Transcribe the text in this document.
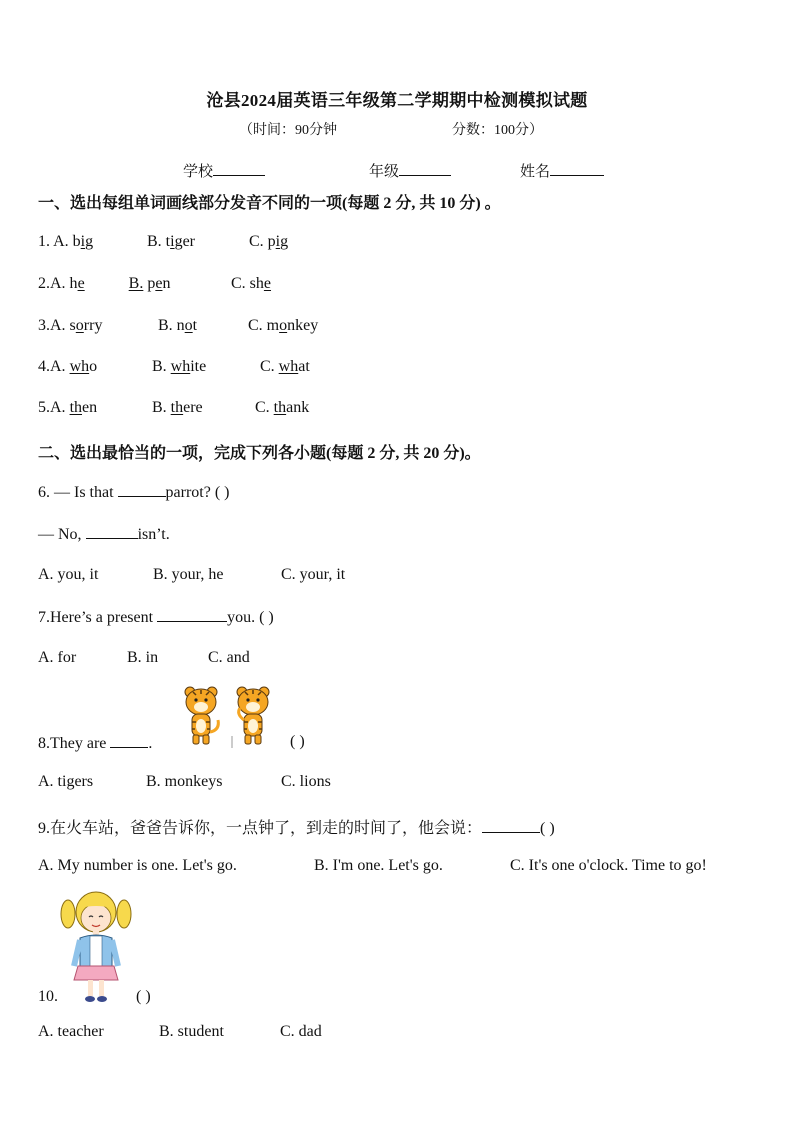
沧县2024届英语三年级第二学期期中检测模拟试题
（时间：90分钟	分数：100分）
学校	年级	姓名
一、选出每组单词画线部分发音不同的一项(每题 2 分, 共 10 分) 。
1. A. big	B. tiger	C. pig
2.A. he	B. pen	C. she
3.A. sorry	B. not	C. monkey
4.A. who	B. white	C. what
5.A. then	B. there	C. thank
二、选出最恰当的一项，完成下列各小题(每题 2 分, 共 20 分)。
6. — Is that	parrot? ( )
— No,	isn’t.
A. you, it	B. your, he	C. your, it
7.Here’s a present	you. ( )
A. for	B. in	C. and
8.They are .	( )
A. tigers	B. monkeys	C. lions
9.在火车站，爸爸告诉你，一点钟了，到走的时间了，他会说：	( )
A. My number is one. Let's go.	B. I'm one. Let's go.	C. It's one o'clock. Time to go!
10.	( )
A. teacher	B. student	C. dad
